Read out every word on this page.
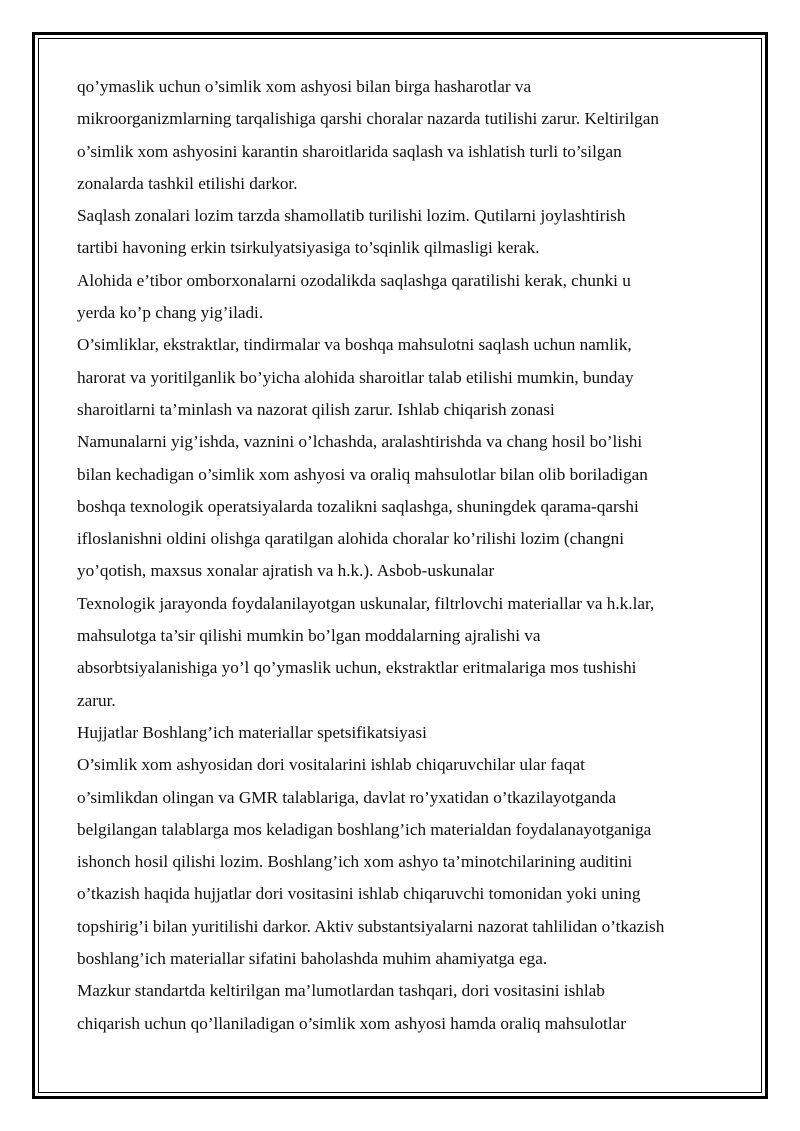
qo’ymaslik uchun o’simlik xom ashyosi bilan birga hasharotlar va
mikroorganizmlarning tarqalishiga qarshi choralar nazarda tutilishi zarur. Keltirilgan
o’simlik xom ashyosini karantin sharoitlarida saqlash va ishlatish turli to’silgan
zonalarda tashkil etilishi darkor.
Saqlash zonalari lozim tarzda shamollatib turilishi lozim. Qutilarni joylashtirish
tartibi havoning erkin tsirkulyatsiyasiga to’sqinlik qilmasligi kerak.
Alohida e’tibor omborxonalarni ozodalikda saqlashga qaratilishi kerak, chunki u
yerda ko’p chang yig’iladi.
O’simliklar, ekstraktlar, tindirmalar va boshqa mahsulotni saqlash uchun namlik,
harorat va yoritilganlik bo’yicha alohida sharoitlar talab etilishi mumkin, bunday
sharoitlarni ta’minlash va nazorat qilish zarur. Ishlab chiqarish zonasi
Namunalarni yig’ishda, vaznini o’lchashda, aralashtirishda va chang hosil bo’lishi
bilan kechadigan o’simlik xom ashyosi va oraliq mahsulotlar bilan olib boriladigan
boshqa texnologik operatsiyalarda tozalikni saqlashga, shuningdek qarama-qarshi
ifloslanishni oldini olishga qaratilgan alohida choralar ko’rilishi lozim (changni
yo’qotish, maxsus xonalar ajratish va h.k.). Asbob-uskunalar
Texnologik jarayonda foydalanilayotgan uskunalar, filtrlovchi materiallar va h.k.lar,
mahsulotga ta’sir qilishi mumkin bo’lgan moddalarning ajralishi va
absorbtsiyalanishiga yo’l qo’ymaslik uchun, ekstraktlar eritmalariga mos tushishi
zarur.
Hujjatlar Boshlang’ich materiallar spetsifikatsiyasi
O’simlik xom ashyosidan dori vositalarini ishlab chiqaruvchilar ular faqat
o’simlikdan olingan va GMR talablariga, davlat ro’yxatidan o’tkazilayotganda
belgilangan talablarga mos keladigan boshlang’ich materialdan foydalanayotganiga
ishonch hosil qilishi lozim. Boshlang’ich xom ashyo ta’minotchilarining auditini
o’tkazish haqida hujjatlar dori vositasini ishlab chiqaruvchi tomonidan yoki uning
topshirig’i bilan yuritilishi darkor. Aktiv substantsiyalarni nazorat tahlilidan o’tkazish
boshlang’ich materiallar sifatini baholashda muhim ahamiyatga ega.
Mazkur standartda keltirilgan ma’lumotlardan tashqari, dori vositasini ishlab
chiqarish uchun qo’llaniladigan o’simlik xom ashyosi hamda oraliq mahsulotlar
